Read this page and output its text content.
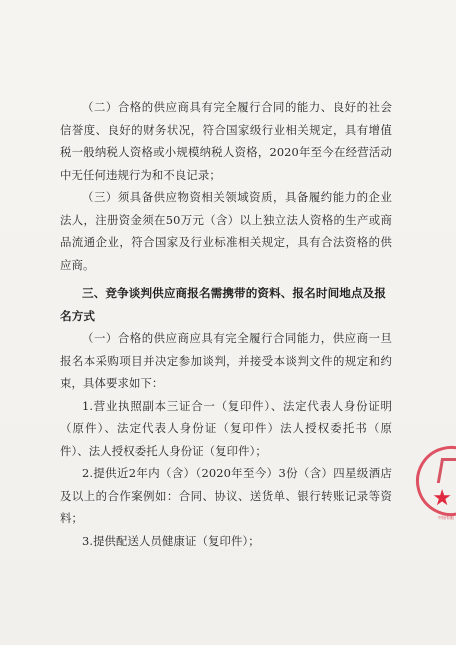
（二）合格的供应商具有完全履行合同的能力、良好的社会信誉度、良好的财务状况，符合国家级行业相关规定，具有增值税一般纳税人资格或小规模纳税人资格，2020年至今在经营活动中无任何违规行为和不良记录；

（三）须具备供应物资相关领域资质，具备履约能力的企业法人，注册资金须在50万元（含）以上独立法人资格的生产或商品流通企业，符合国家及行业标准相关规定，具有合法资格的供应商。

三、竞争谈判供应商报名需携带的资料、报名时间地点及报名方式

（一）合格的供应商应具有完全履行合同能力，供应商一旦报名本采购项目并决定参加谈判，并接受本谈判文件的规定和约束，具体要求如下：

1.营业执照副本三证合一（复印件）、法定代表人身份证明（原件）、法定代表人身份证（复印件）法人授权委托书（原件）、法人授权委托人身份证（复印件）；

2.提供近2年内（含）（2020年至今）3份（含）四星级酒店及以上的合作案例如：合同、协议、送货单、银行转账记录等资料；

3.提供配送人员健康证（复印件）；

★
中国有限
